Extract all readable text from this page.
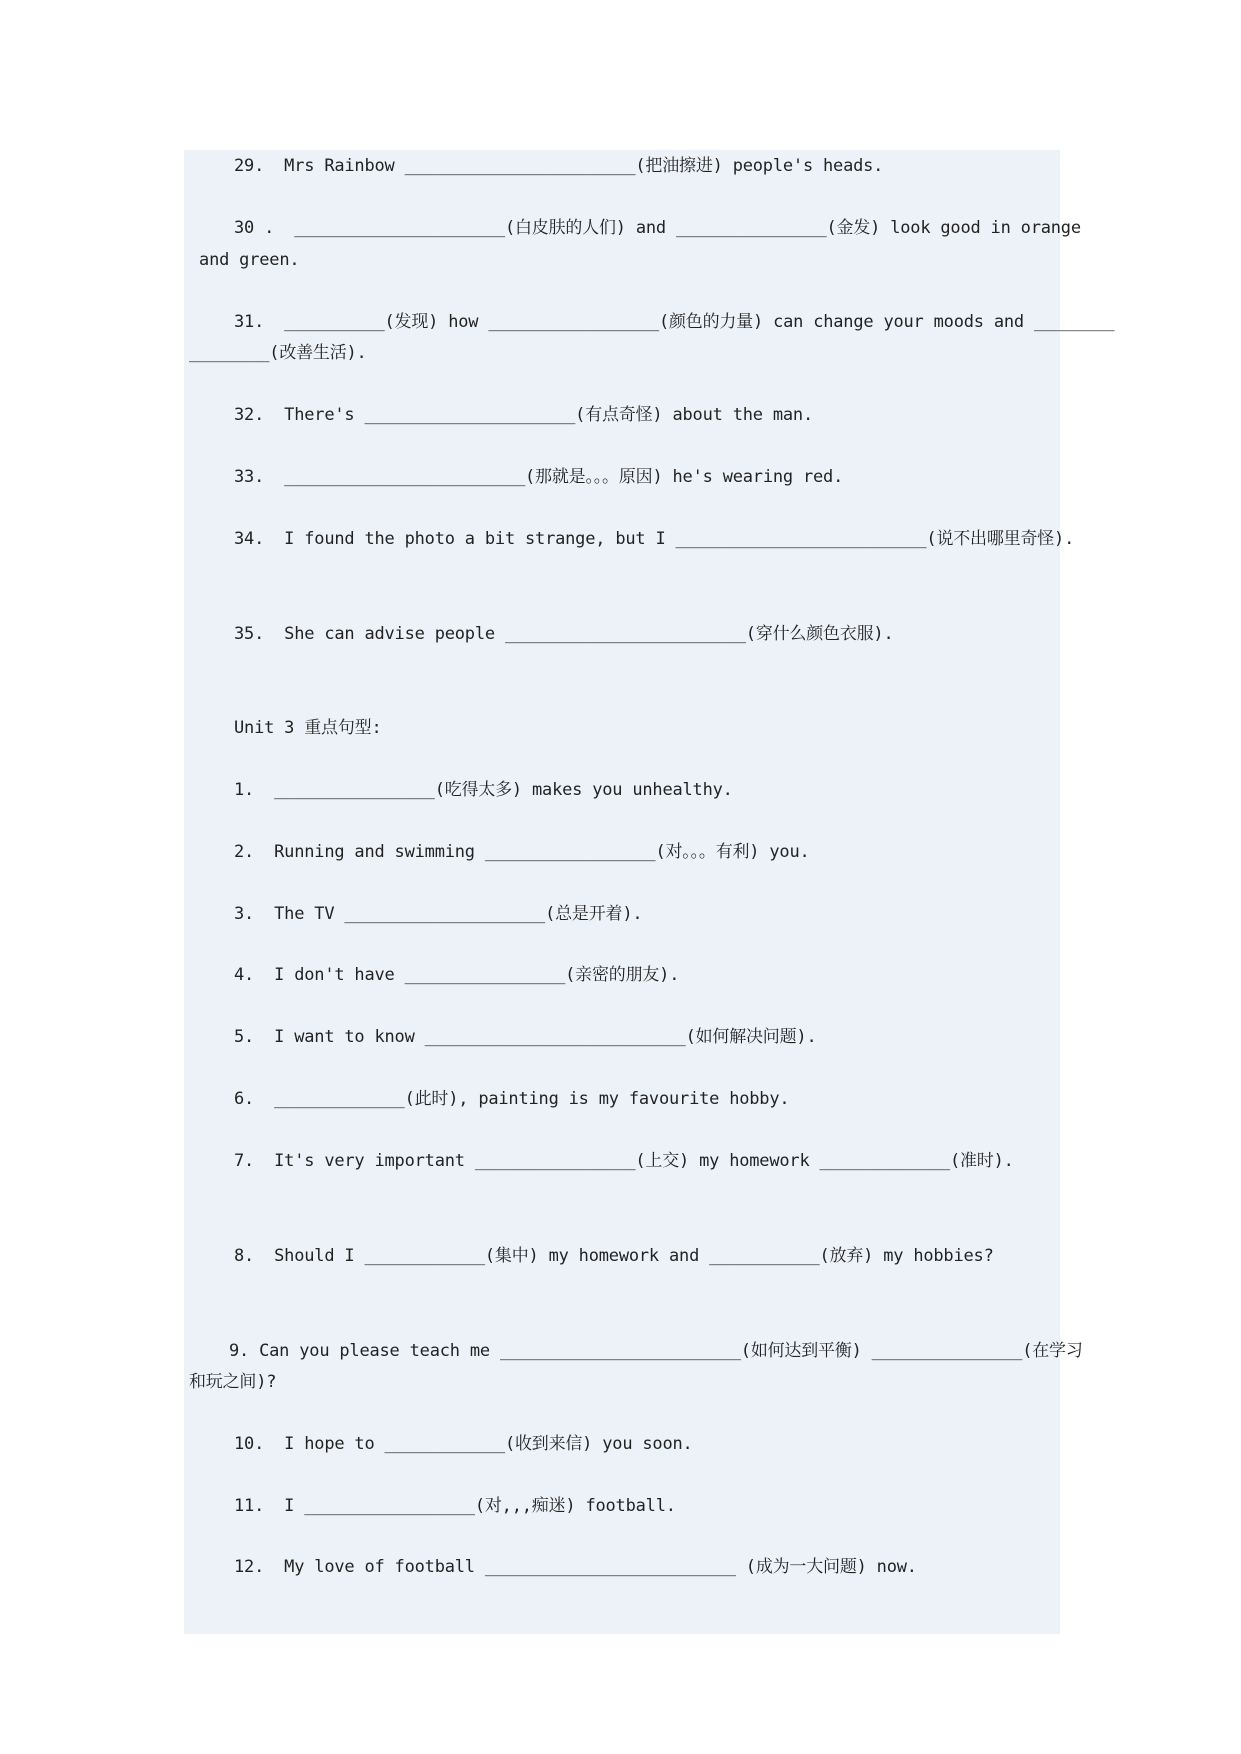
29.  Mrs Rainbow _______________________(把油擦进) people's heads.
30 .  _____________________(白皮肤的人们) and _______________(金发) look good in orange
and green.
31.  __________(发现) how _________________(颜色的力量) can change your moods and ________
________(改善生活).
32.  There's _____________________(有点奇怪) about the man.
33.  ________________________(那就是。。。原因) he's wearing red.
34.  I found the photo a bit strange, but I _________________________(说不出哪里奇怪).
35.  She can advise people ________________________(穿什么颜色衣服).
Unit 3 重点句型:
1.  ________________(吃得太多) makes you unhealthy.
2.  Running and swimming _________________(对。。。有利) you.
3.  The TV ____________________(总是开着).
4.  I don't have ________________(亲密的朋友).
5.  I want to know __________________________(如何解决问题).
6.  _____________(此时), painting is my favourite hobby.
7.  It's very important ________________(上交) my homework _____________(准时).
8.  Should I ____________(集中) my homework and ___________(放弃) my hobbies?
9. Can you please teach me ________________________(如何达到平衡) _______________(在学习
和玩之间)?
10.  I hope to ____________(收到来信) you soon.
11.  I _________________(对,,,痴迷) football.
12.  My love of football _________________________ (成为一大问题) now.
